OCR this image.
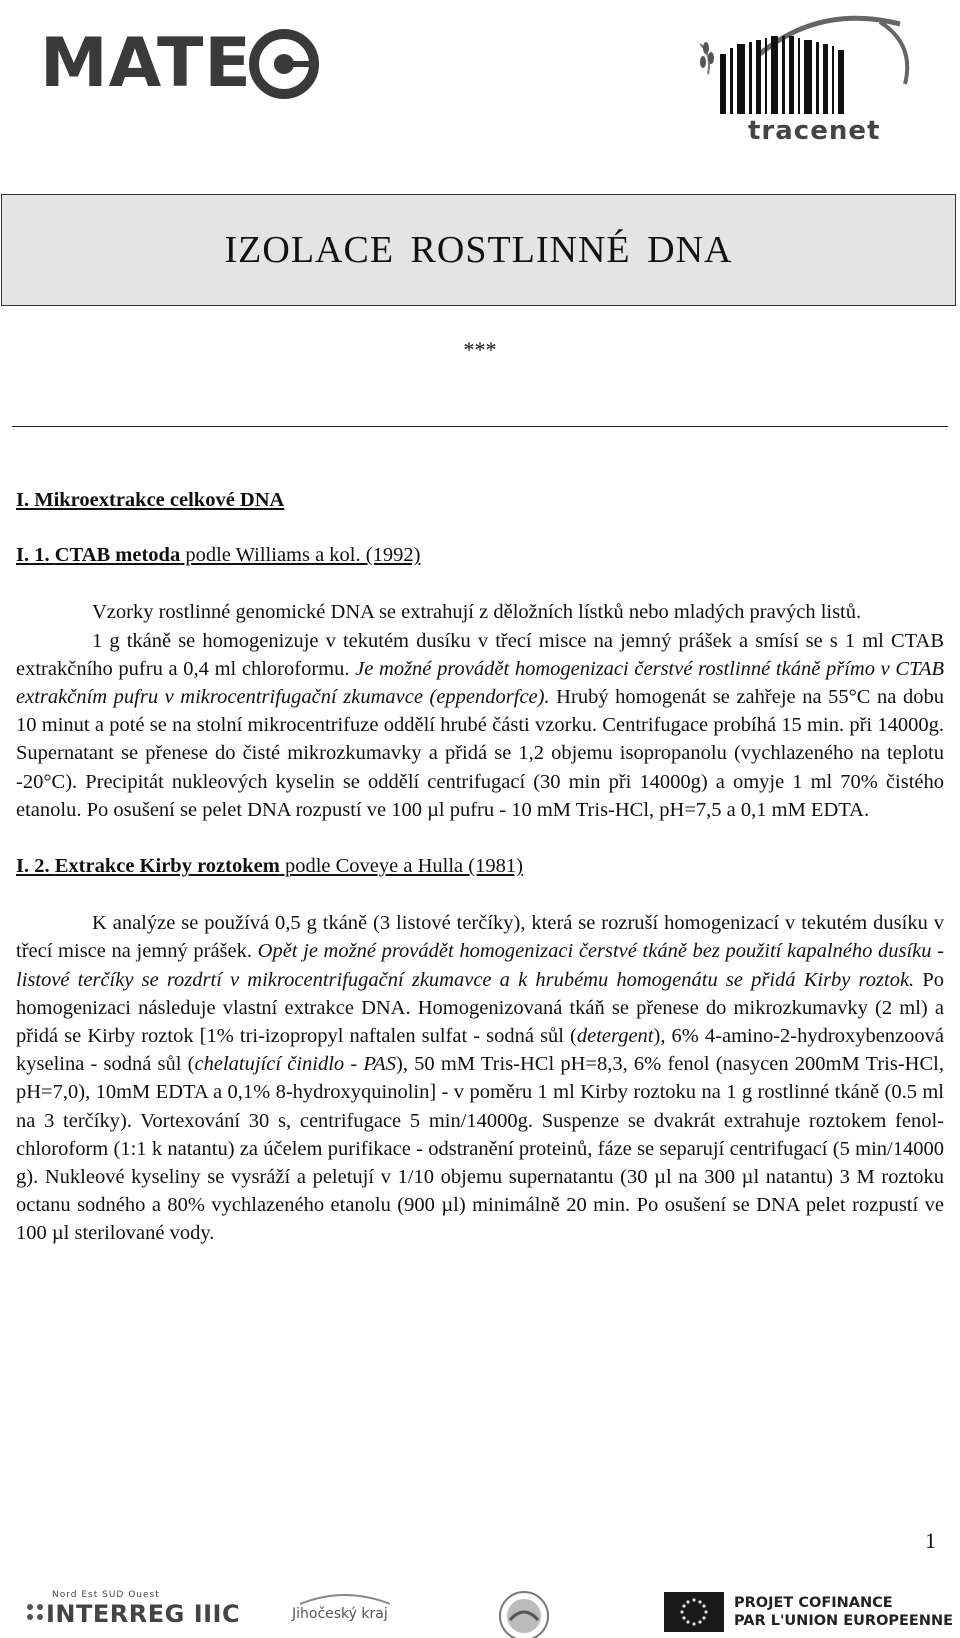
MATE
tracenet
IZOLACE ROSTLINNÉ DNA
***
I. Mikroextrakce celkové DNA
I. 1. CTAB metoda podle Williams a kol. (1992)

Vzorky rostlinné genomické DNA se extrahují z děložních lístků nebo mladých pravých listů.

1 g tkáně se homogenizuje v tekutém dusíku v třecí misce na jemný prášek a smísí se s 1 ml CTAB extrakčního pufru a 0,4 ml chloroformu. Je možné provádět homogenizaci čerstvé rostlinné tkáně přímo v CTAB extrakčním pufru v mikrocentrifugační zkumavce (eppendorfce). Hrubý homogenát se zahřeje na 55°C na dobu 10 minut a poté se na stolní mikrocentrifuze oddělí hrubé části vzorku. Centrifugace probíhá 15 min. při 14000g. Supernatant se přenese do čisté mikrozkumavky a přidá se 1,2 objemu isopropanolu (vychlazeného na teplotu -20°C). Precipitát nukleových kyselin se oddělí centrifugací (30 min při 14000g) a omyje 1 ml 70% čistého etanolu. Po osušení se pelet DNA rozpustí ve 100 µl pufru - 10 mM Tris-HCl, pH=7,5 a 0,1 mM EDTA.

I. 2. Extrakce Kirby roztokem podle Coveye a Hulla (1981)

K analýze se používá 0,5 g tkáně (3 listové terčíky), která se rozruší homogenizací v tekutém dusíku v třecí misce na jemný prášek. Opět je možné provádět homogenizaci čerstvé tkáně bez použití kapalného dusíku - listové terčíky se rozdrtí v mikrocentrifugační zkumavce a k hrubému homogenátu se přidá Kirby roztok. Po homogenizaci následuje vlastní extrakce DNA. Homogenizovaná tkáň se přenese do mikrozkumavky (2 ml) a přidá se Kirby roztok [1% tri-izopropyl naftalen sulfat - sodná sůl (detergent), 6% 4-amino-2-hydroxybenzoová kyselina - sodná sůl (chelatující činidlo - PAS), 50 mM Tris-HCl pH=8,3, 6% fenol (nasycen 200mM Tris-HCl, pH=7,0), 10mM EDTA a 0,1% 8-hydroxyquinolin] - v poměru 1 ml Kirby roztoku na 1 g rostlinné tkáně (0.5 ml na 3 terčíky). Vortexování 30 s, centrifugace 5 min/14000g. Suspenze se dvakrát extrahuje roztokem fenol-chloroform (1:1 k natantu) za účelem purifikace - odstranění proteinů, fáze se separují centrifugací (5 min/14000 g). Nukleové kyseliny se vysráží a peletují v 1/10 objemu supernatantu (30 µl na 300 µl natantu) 3 M roztoku octanu sodného a 80% vychlazeného etanolu (900 µl) minimálně 20 min. Po osušení se DNA pelet rozpustí ve 100 µl sterilované vody.

1
Nord Est SUD Ouest
INTERREG IIIC	Jihočeský kraj
PROJET COFINANCE
PAR L'UNION EUROPEENNE
